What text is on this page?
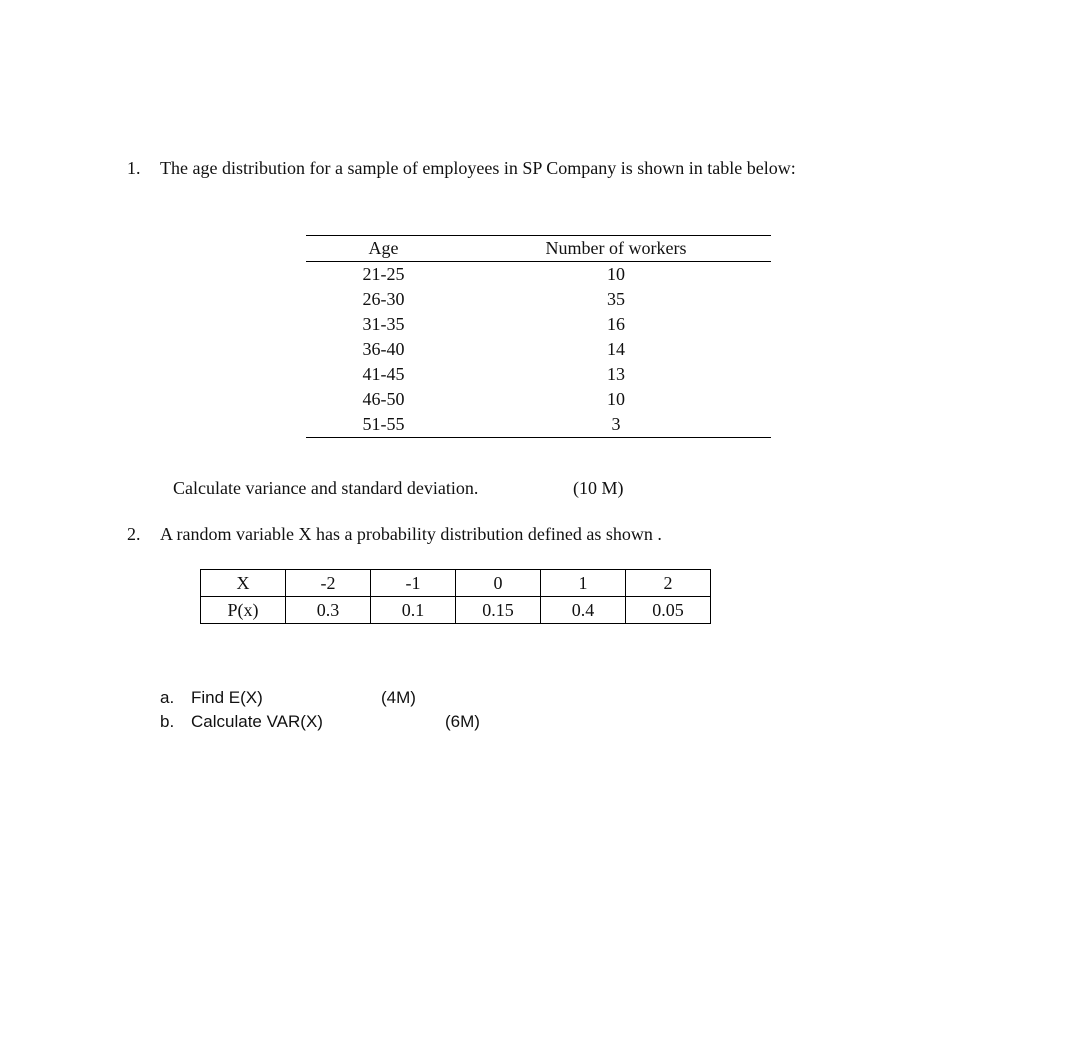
1. The age distribution for a sample of employees in SP Company is shown in table below:
Age	Number of workers
21-25	10
26-30	35
31-35	16
36-40	14
41-45	13
46-50	10
51-55	3
Calculate variance and standard deviation.	(10 M)
2. A random variable X has a probability distribution defined as shown .
X	-2	-1	0	1	2
P(x)	0.3	0.1	0.15	0.4	0.05
a. Find E(X)	(4M)
b. Calculate VAR(X)	(6M)
